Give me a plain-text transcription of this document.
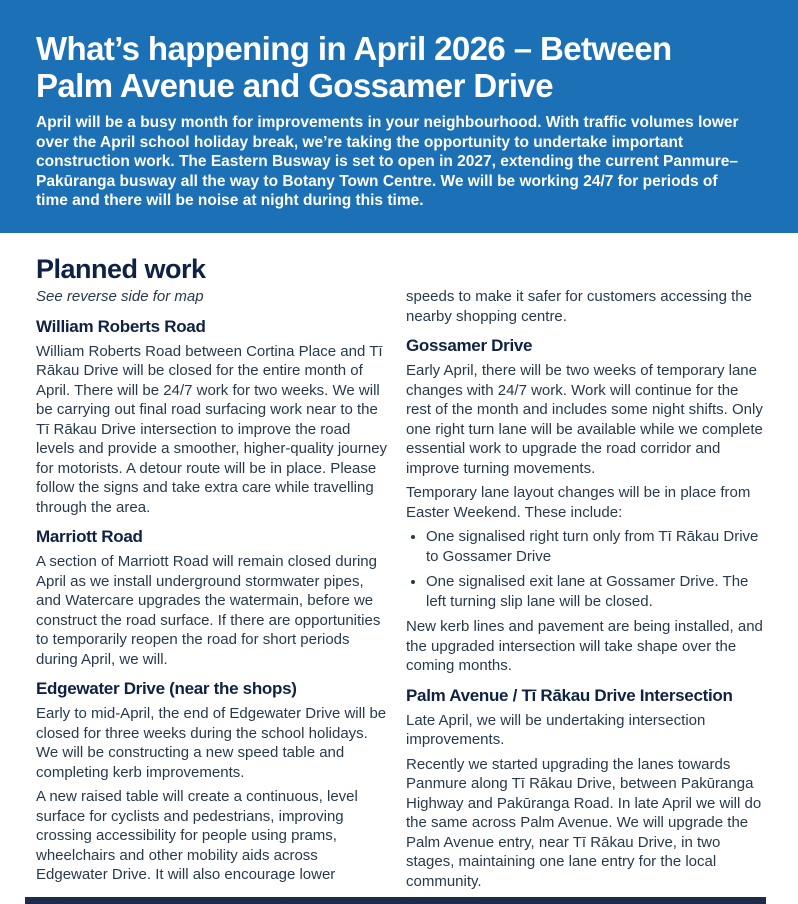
What’s happening in April 2026 – Between
Palm Avenue and Gossamer Drive

April will be a busy month for improvements in your neighbourhood. With traffic volumes lower over the April school holiday break, we’re taking the opportunity to undertake important construction work. The Eastern Busway is set to open in 2027, extending the current Panmure–Pakūranga busway all the way to Botany Town Centre. We will be working 24/7 for periods of time and there will be noise at night during this time.

Planned work

See reverse side for map

William Roberts Road

William Roberts Road between Cortina Place and Tī Rākau Drive will be closed for the entire month of April. There will be 24/7 work for two weeks. We will be carrying out final road surfacing work near to the Tī Rākau Drive intersection to improve the road levels and provide a smoother, higher-quality journey for motorists. A detour route will be in place. Please follow the signs and take extra care while travelling through the area.

Marriott Road

A section of Marriott Road will remain closed during April as we install underground stormwater pipes, and Watercare upgrades the watermain, before we construct the road surface. If there are opportunities to temporarily reopen the road for short periods during April, we will.

Edgewater Drive (near the shops)

Early to mid-April, the end of Edgewater Drive will be closed for three weeks during the school holidays. We will be constructing a new speed table and completing kerb improvements.

A new raised table will create a continuous, level surface for cyclists and pedestrians, improving crossing accessibility for people using prams, wheelchairs and other mobility aids across Edgewater Drive. It will also encourage lower

speeds to make it safer for customers accessing the nearby shopping centre.

Gossamer Drive

Early April, there will be two weeks of temporary lane changes with 24/7 work. Work will continue for the rest of the month and includes some night shifts. Only one right turn lane will be available while we complete essential work to upgrade the road corridor and improve turning movements.

Temporary lane layout changes will be in place from Easter Weekend. These include:

• One signalised right turn only from Tī Rākau Drive to Gossamer Drive
• One signalised exit lane at Gossamer Drive. The left turning slip lane will be closed.

New kerb lines and pavement are being installed, and the upgraded intersection will take shape over the coming months.

Palm Avenue / Tī Rākau Drive Intersection

Late April, we will be undertaking intersection improvements.

Recently we started upgrading the lanes towards Panmure along Tī Rākau Drive, between Pakūranga Highway and Pakūranga Road. In late April we will do the same across Palm Avenue. We will upgrade the Palm Avenue entry, near Tī Rākau Drive, in two stages, maintaining one lane entry for the local community.
